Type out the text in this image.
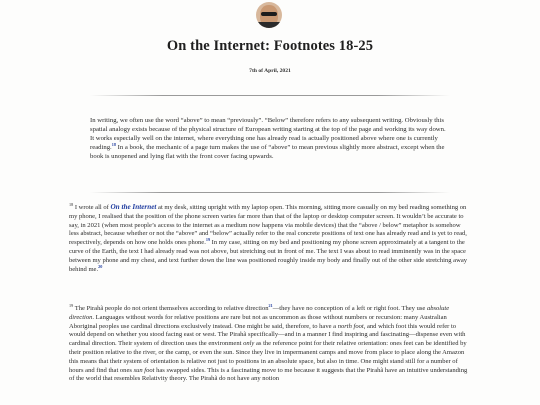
On the Internet: Footnotes 18-25
7th of April, 2021

In writing, we often use the word “above” to mean “previously”. “Below” therefore refers to any subsequent writing. Obviously this spatial analogy exists because of the physical structure of European writing starting at the top of the page and working its way down. It works especially well on the internet, where everything one has already read is actually positioned above where one is currently reading.$^{18}$ In a book, the mechanic of a page turn makes the use of “above” to mean previous slightly more abstract, except when the book is unopened and lying flat with the front cover facing upwards.

$^{18}$ I wrote all of On the Internet at my desk, sitting upright with my laptop open. This morning, sitting more casually on my bed reading something on my phone, I realised that the position of the phone screen varies far more than that of the laptop or desktop computer screen. It wouldn’t be accurate to say, in 2021 (when most people’s access to the internet as a medium now happens via mobile devices) that the “above / below” metaphor is somehow less abstract, because whether or not the “above” and “below” actually refer to the real concrete positions of text one has already read and is yet to read, respectively, depends on how one holds ones phone.$^{19}$ In my case, sitting on my bed and positioning my phone screen approximately at a tangent to the curve of the Earth, the text I had already read was not above, but stretching out in front of me. The text I was about to read imminently was in the space between my phone and my chest, and text further down the line was positioned roughly inside my body and finally out of the other side stretching away behind me.$^{20}$

$^{19}$ The Pirahã people do not orient themselves according to relative direction$^{21}$—they have no conception of a left or right foot. They use absolute direction. Languages without words for relative positions are rare but not as uncommon as those without numbers or recursion: many Australian Aboriginal peoples use cardinal directions exclusively instead. One might be said, therefore, to have a north foot, and which foot this would refer to would depend on whether you stood facing east or west. The Pirahã specifically—and in a manner I find inspiring and fascinating—dispense even with cardinal direction. Their system of direction uses the environment only as the reference point for their relative orientation: ones feet can be identified by their position relative to the river, or the camp, or even the sun. Since they live in impermanent camps and move from place to place along the Amazon this means that their system of orientation is relative not just to positions in an absolute space, but also in time. One might stand still for a number of hours and find that ones sun foot has swapped sides. This is a fascinating move to me because it suggests that the Pirahã have an intuitive understanding of the world that resembles Relativity theory. The Pirahã do not have any notion
